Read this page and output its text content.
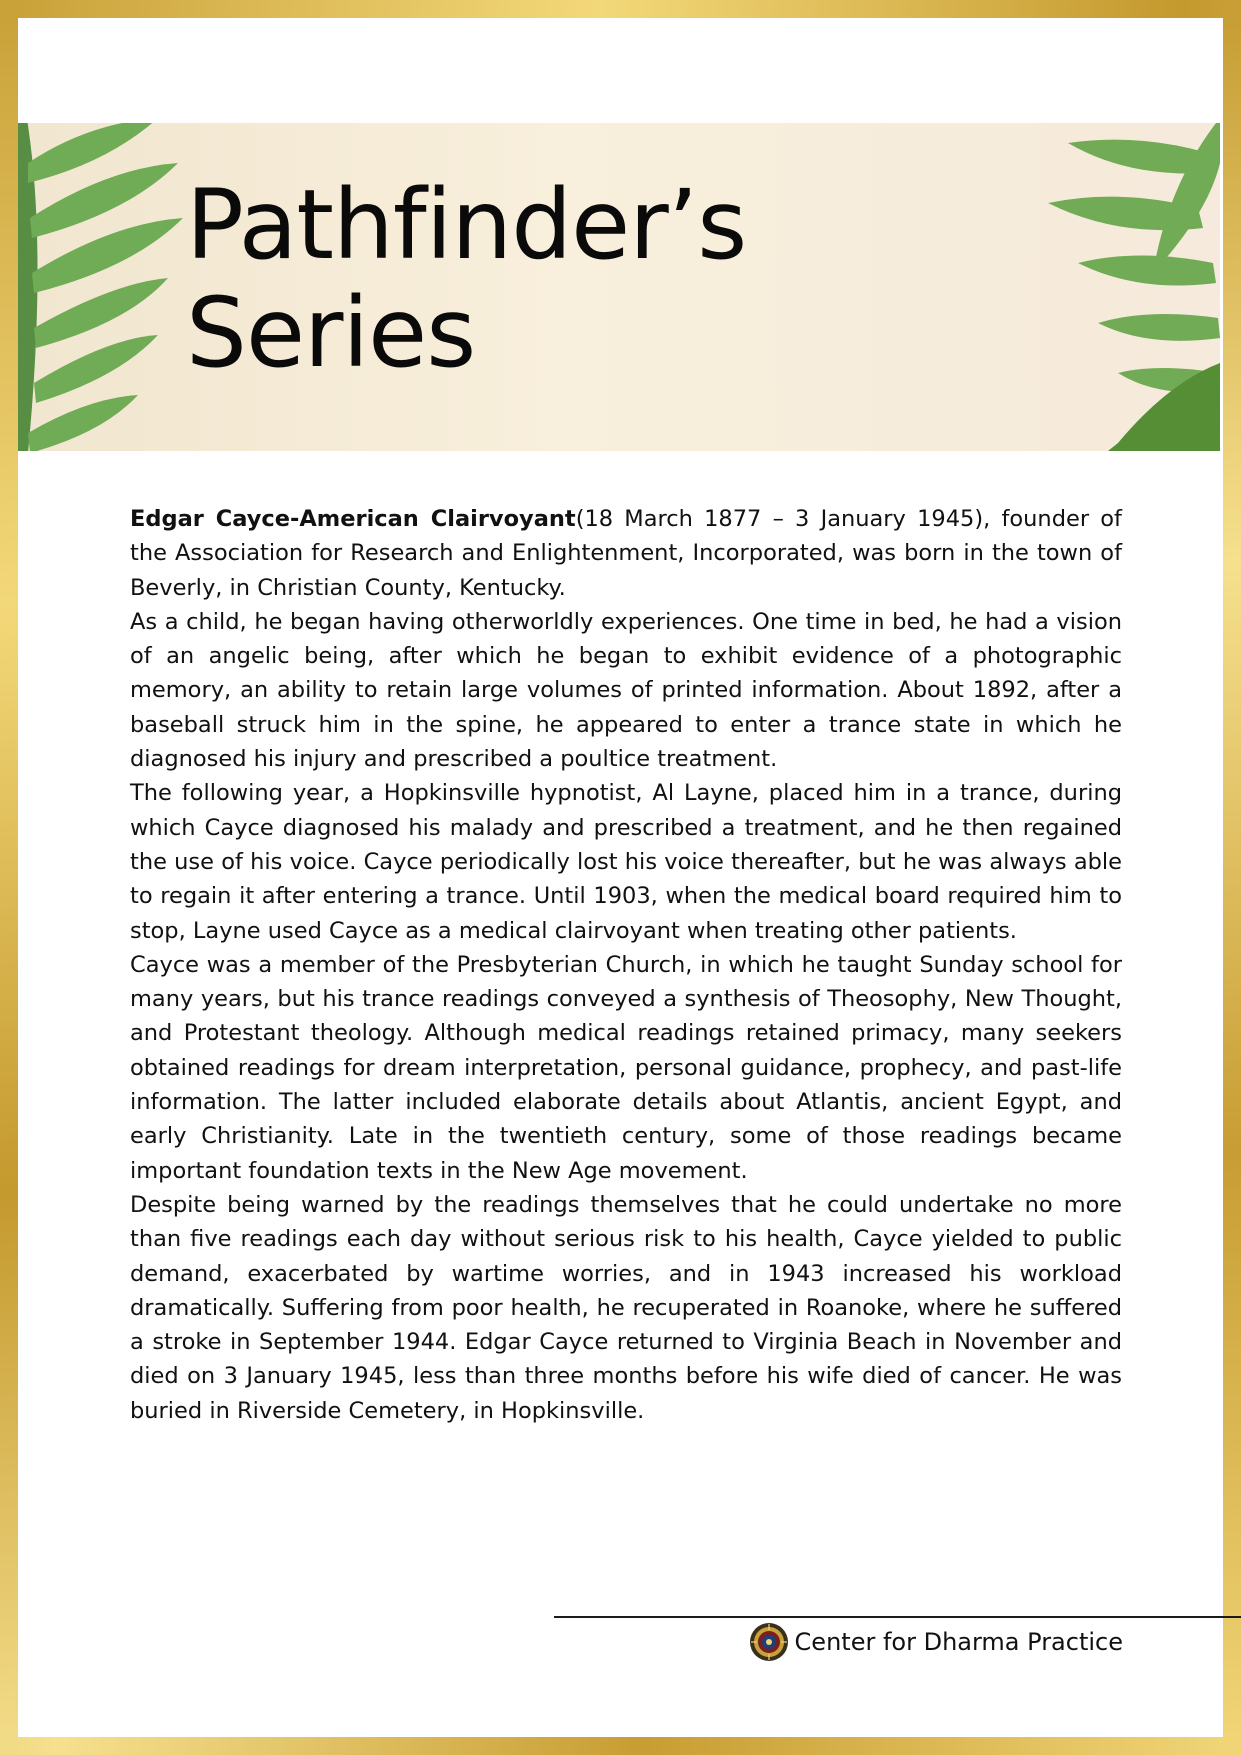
Pathfinder’s
Series

Edgar Cayce-American Clairvoyant(18 March 1877 – 3 January 1945), founder of the Association for Research and Enlightenment, Incorporated, was born in the town of Beverly, in Christian County, Kentucky.

As a child, he began having otherworldly experiences. One time in bed, he had a vision of an angelic being, after which he began to exhibit evidence of a photographic memory, an ability to retain large volumes of printed information. About 1892, after a baseball struck him in the spine, he appeared to enter a trance state in which he diagnosed his injury and prescribed a poultice treatment.

The following year, a Hopkinsville hypnotist, Al Layne, placed him in a trance, during which Cayce diagnosed his malady and prescribed a treatment, and he then regained the use of his voice. Cayce periodically lost his voice thereafter, but he was always able to regain it after entering a trance. Until 1903, when the medical board required him to stop, Layne used Cayce as a medical clairvoyant when treating other patients.

Cayce was a member of the Presbyterian Church, in which he taught Sunday school for many years, but his trance readings conveyed a synthesis of Theosophy, New Thought, and Protestant theology. Although medical readings retained primacy, many seekers obtained readings for dream interpretation, personal guidance, prophecy, and past-life information. The latter included elaborate details about Atlantis, ancient Egypt, and early Christianity. Late in the twentieth century, some of those readings became important foundation texts in the New Age movement.

Despite being warned by the readings themselves that he could undertake no more than five readings each day without serious risk to his health, Cayce yielded to public demand, exacerbated by wartime worries, and in 1943 increased his workload dramatically. Suffering from poor health, he recuperated in Roanoke, where he suffered a stroke in September 1944. Edgar Cayce returned to Virginia Beach in November and died on 3 January 1945, less than three months before his wife died of cancer. He was buried in Riverside Cemetery, in Hopkinsville.

Center for Dharma Practice
